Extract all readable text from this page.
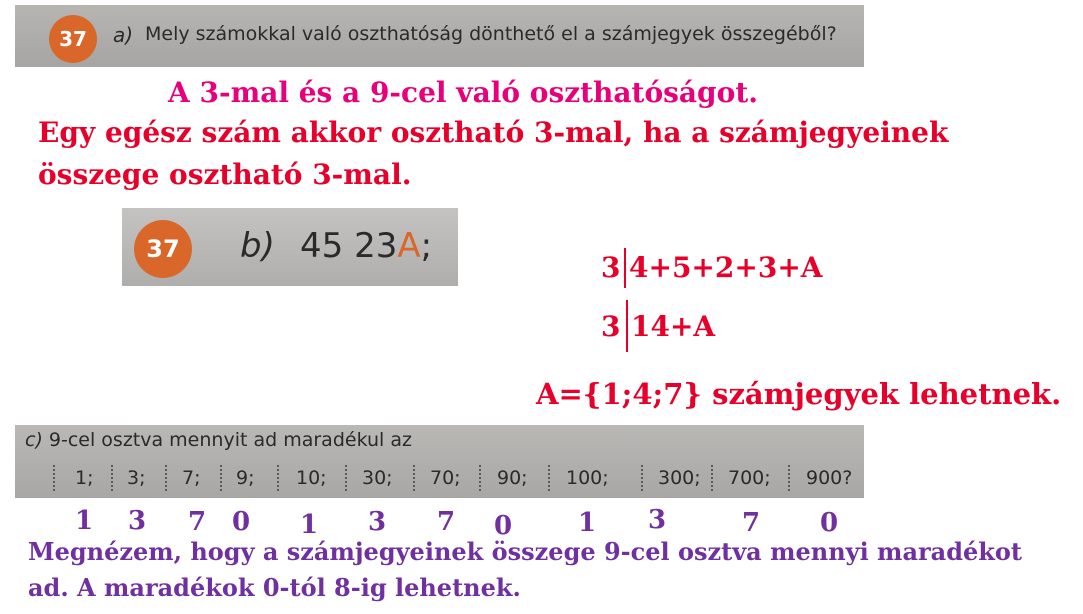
37	a) Mely számokkal való oszthatóság dönthető el a számjegyek összegéből?
A 3-mal és a 9-cel való oszthatóságot.
Egy egész szám akkor osztható 3-mal, ha a számjegyeinek
összege osztható 3-mal.
37	b) 45 23A;
3 4+5+2+3+A
3 14+A
A={1;4;7} számjegyek lehetnek.
c) 9-cel osztva mennyit ad maradékul az
1; 3; 7; 9; 10; 30; 70; 90; 100;	300; 700; 900?
1 3 7 0 1 3 7 0	1 3	7 0
Megnézem, hogy a számjegyeinek összege 9-cel osztva mennyi maradékot
ad. A maradékok 0-tól 8-ig lehetnek.
